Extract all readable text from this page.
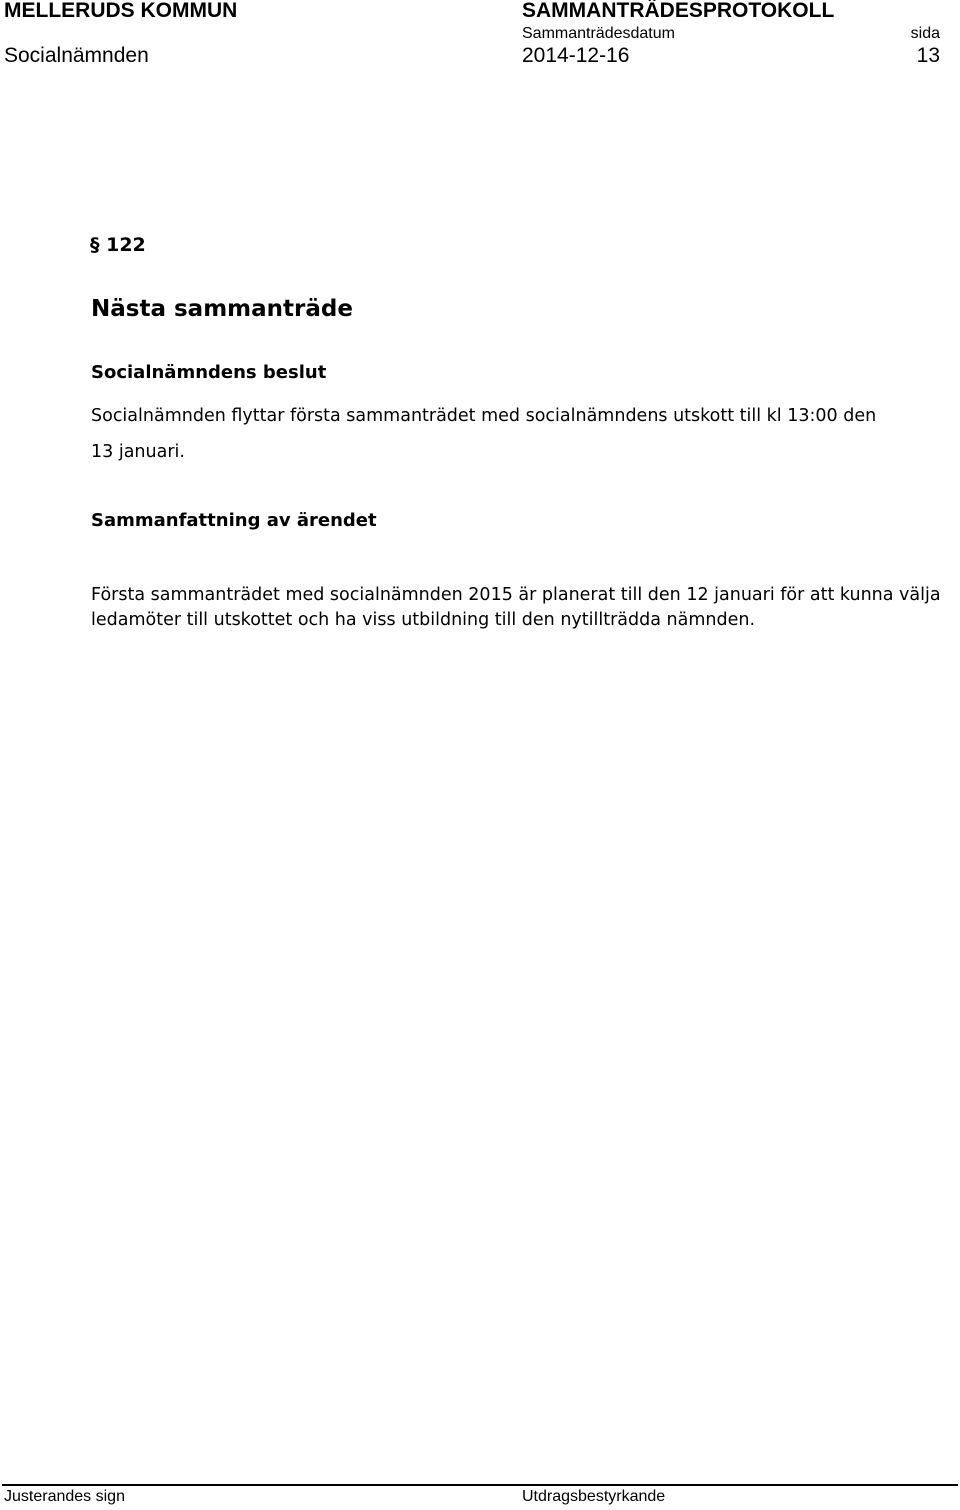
MELLERUDS KOMMUN	SAMMANTRÄDESPROTOKOLL
Sammanträdesdatum	sida
Socialnämnden	2014-12-16	13
§ 122
Nästa sammanträde
Socialnämndens beslut
Socialnämnden flyttar första sammanträdet med socialnämndens utskott till kl 13:00 den 13 januari.
Sammanfattning av ärendet
Första sammanträdet med socialnämnden 2015 är planerat till den 12 januari för att kunna välja ledamöter till utskottet och ha viss utbildning till den nytillträdda nämnden.
Justerandes sign	Utdragsbestyrkande
